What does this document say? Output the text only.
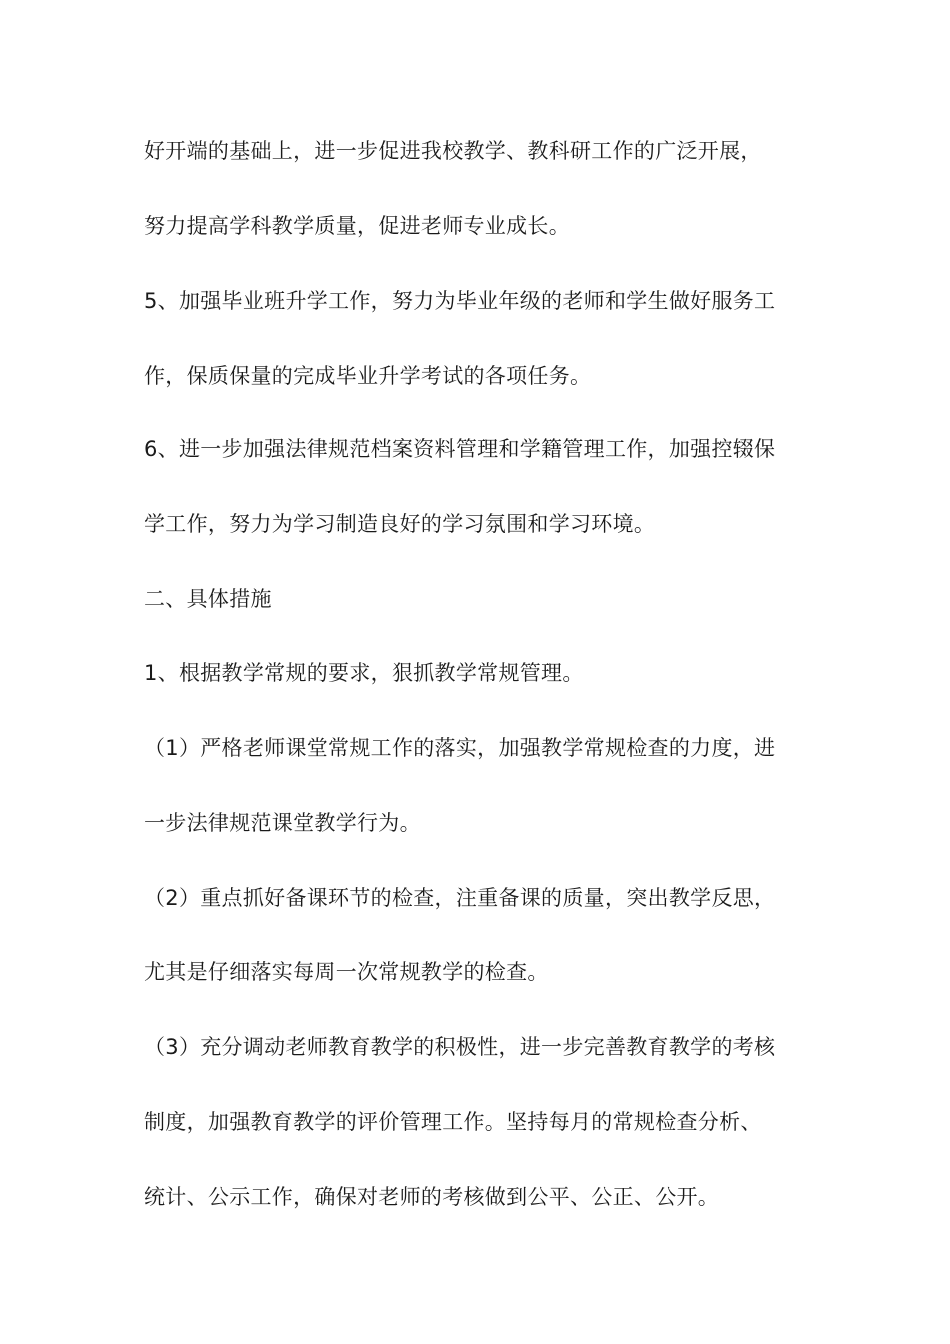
好开端的基础上，进一步促进我校教学、教科研工作的广泛开展，
努力提高学科教学质量，促进老师专业成长。
5、加强毕业班升学工作，努力为毕业年级的老师和学生做好服务工
作，保质保量的完成毕业升学考试的各项任务。
6、进一步加强法律规范档案资料管理和学籍管理工作，加强控辍保
学工作，努力为学习制造良好的学习氛围和学习环境。
二、具体措施
1、根据教学常规的要求，狠抓教学常规管理。
（1）严格老师课堂常规工作的落实，加强教学常规检查的力度，进
一步法律规范课堂教学行为。
（2）重点抓好备课环节的检查，注重备课的质量，突出教学反思，
尤其是仔细落实每周一次常规教学的检查。
（3）充分调动老师教育教学的积极性，进一步完善教育教学的考核
制度，加强教育教学的评价管理工作。坚持每月的常规检查分析、
统计、公示工作，确保对老师的考核做到公平、公正、公开。
